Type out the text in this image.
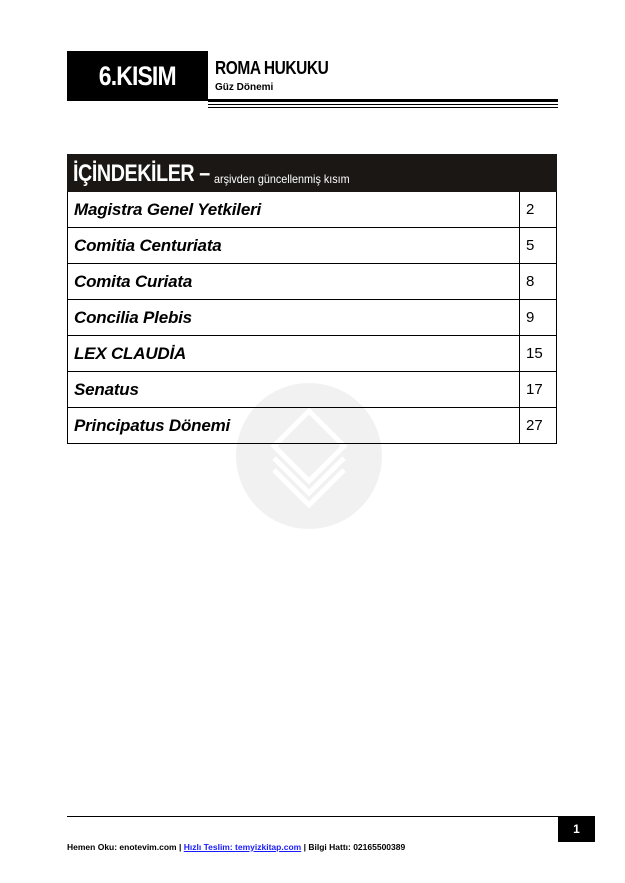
6.KISIM ROMA HUKUKU
Güz Dönemi
İÇİNDEKİLER – arşivden güncellenmiş kısım
Magistra Genel Yetkileri	2
Comitia Centuriata	5
Comita Curiata	8
Concilia Plebis	9
LEX CLAUDİA	15
Senatus	17
Principatus Dönemi	27
1
Hemen Oku: enotevim.com | Hızlı Teslim: temyizkitap.com | Bilgi Hattı: 02165500389
